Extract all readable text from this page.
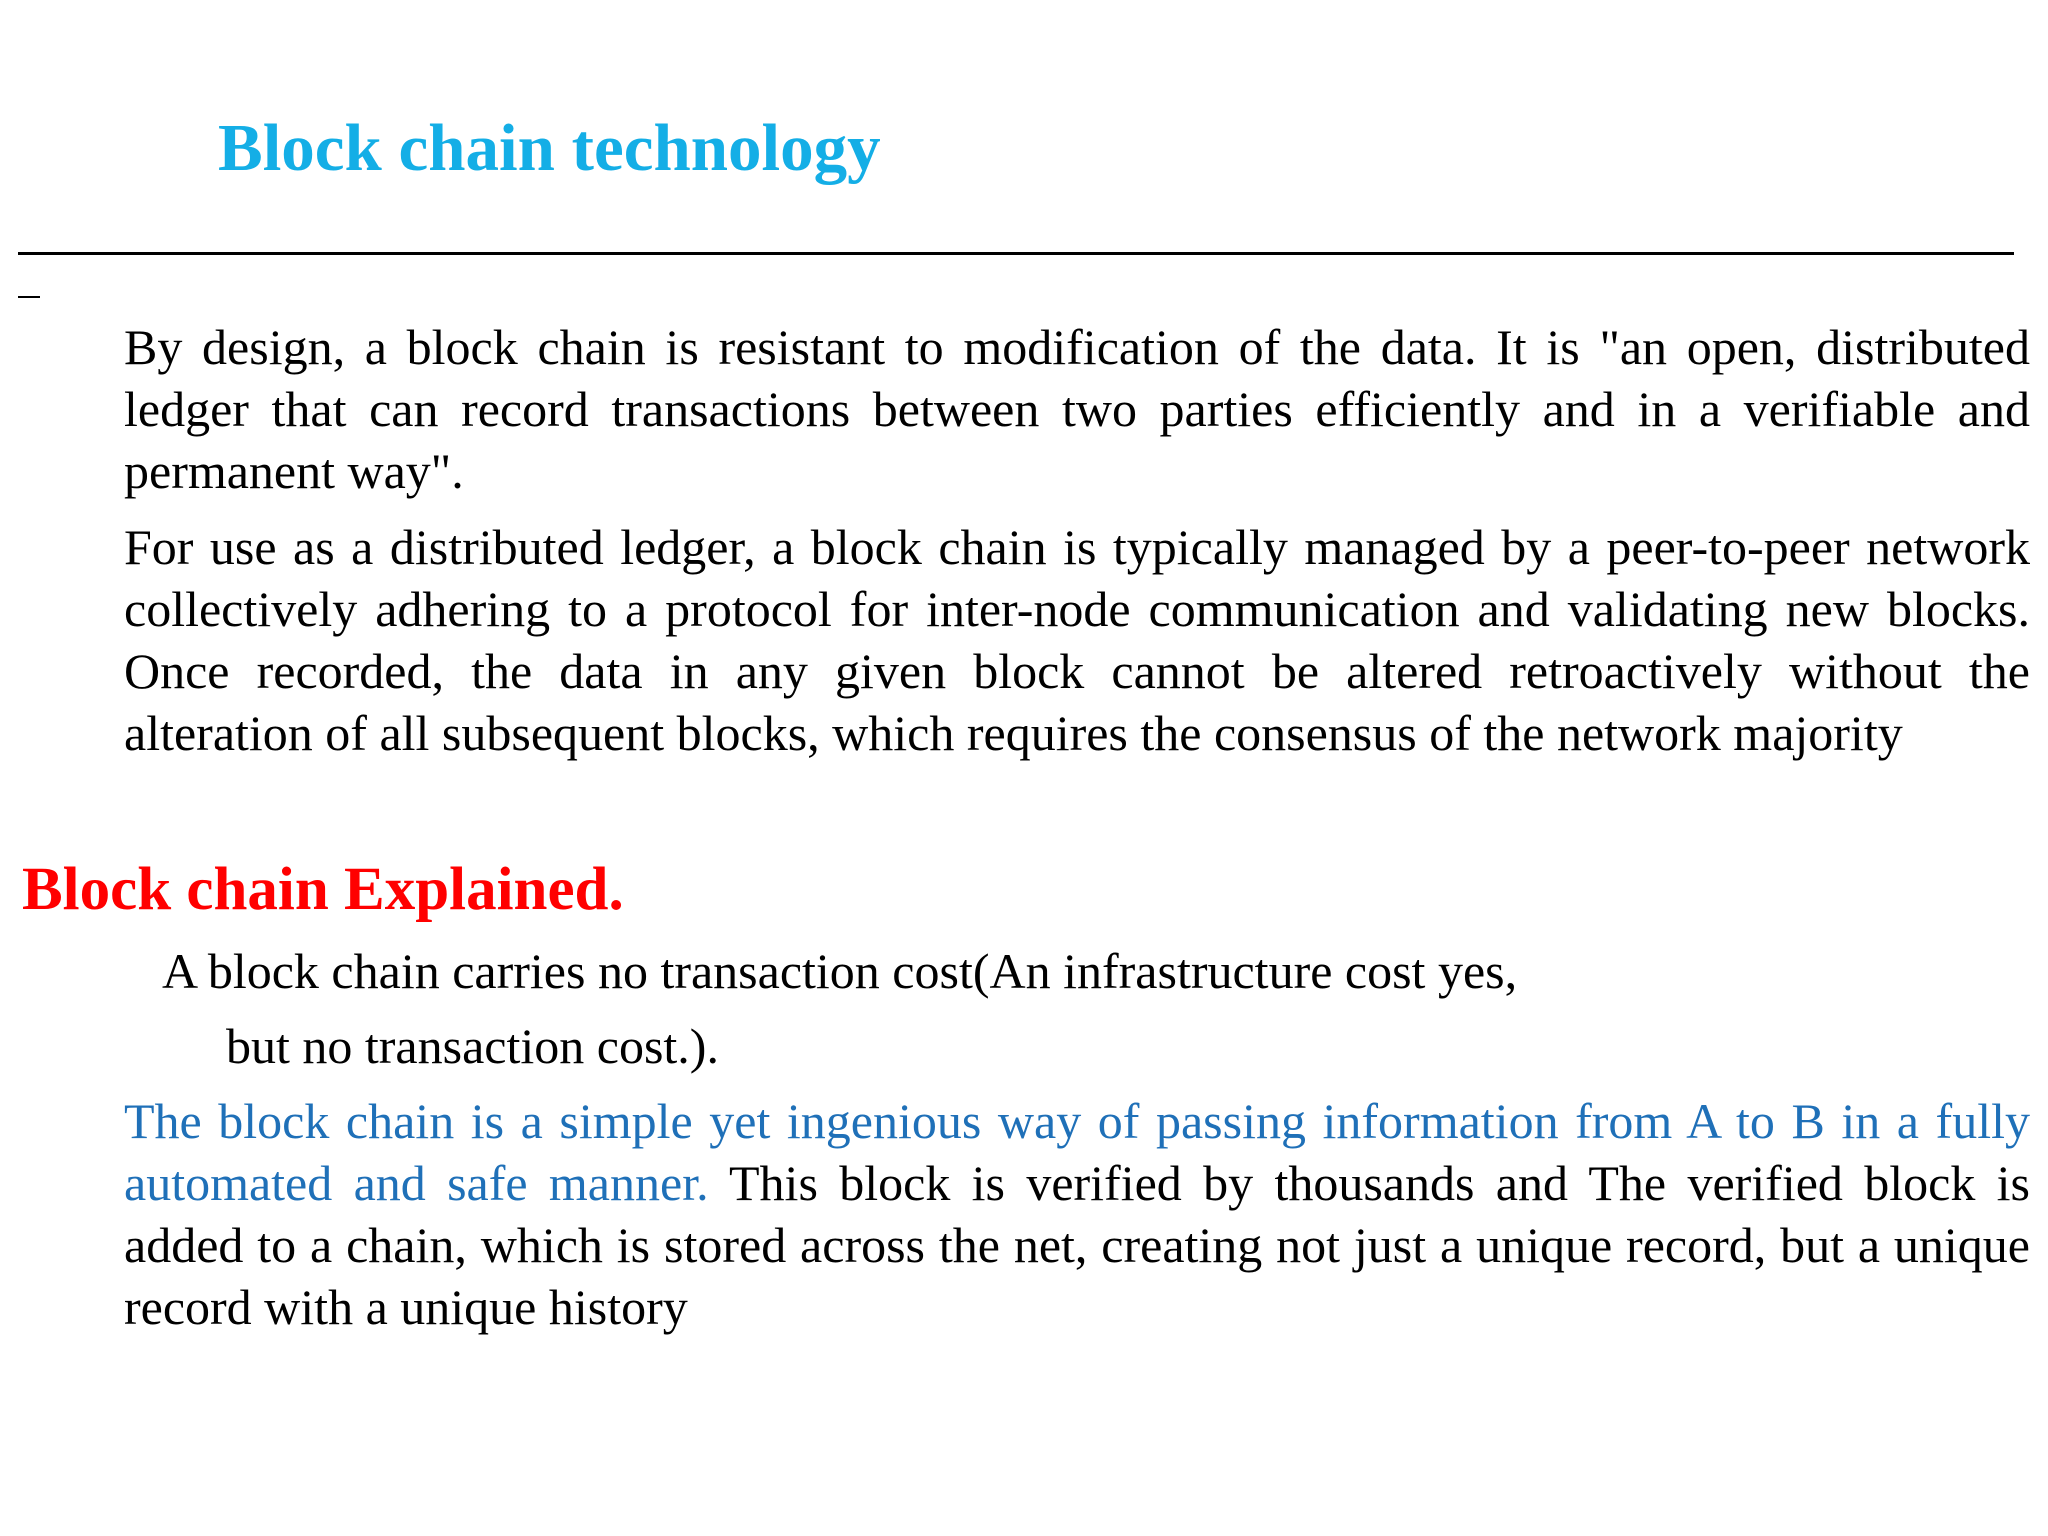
Block chain technology

By design, a block chain is resistant to modification of the data. It is "an open, distributed ledger that can record transactions between two parties efficiently and in a verifiable and permanent way".

For use as a distributed ledger, a block chain is typically managed by a peer-to-peer network collectively adhering to a protocol for inter-node communication and validating new blocks. Once recorded, the data in any given block cannot be altered retroactively without the alteration of all subsequent blocks, which requires the consensus of the network majority

Block chain Explained.

A block chain carries no transaction cost(An infrastructure cost yes,

but no transaction cost.).

The block chain is a simple yet ingenious way of passing information from A to B in a fully automated and safe manner. This block is verified by thousands and The verified block is added to a chain, which is stored across the net, creating not just a unique record, but a unique record with a unique history
